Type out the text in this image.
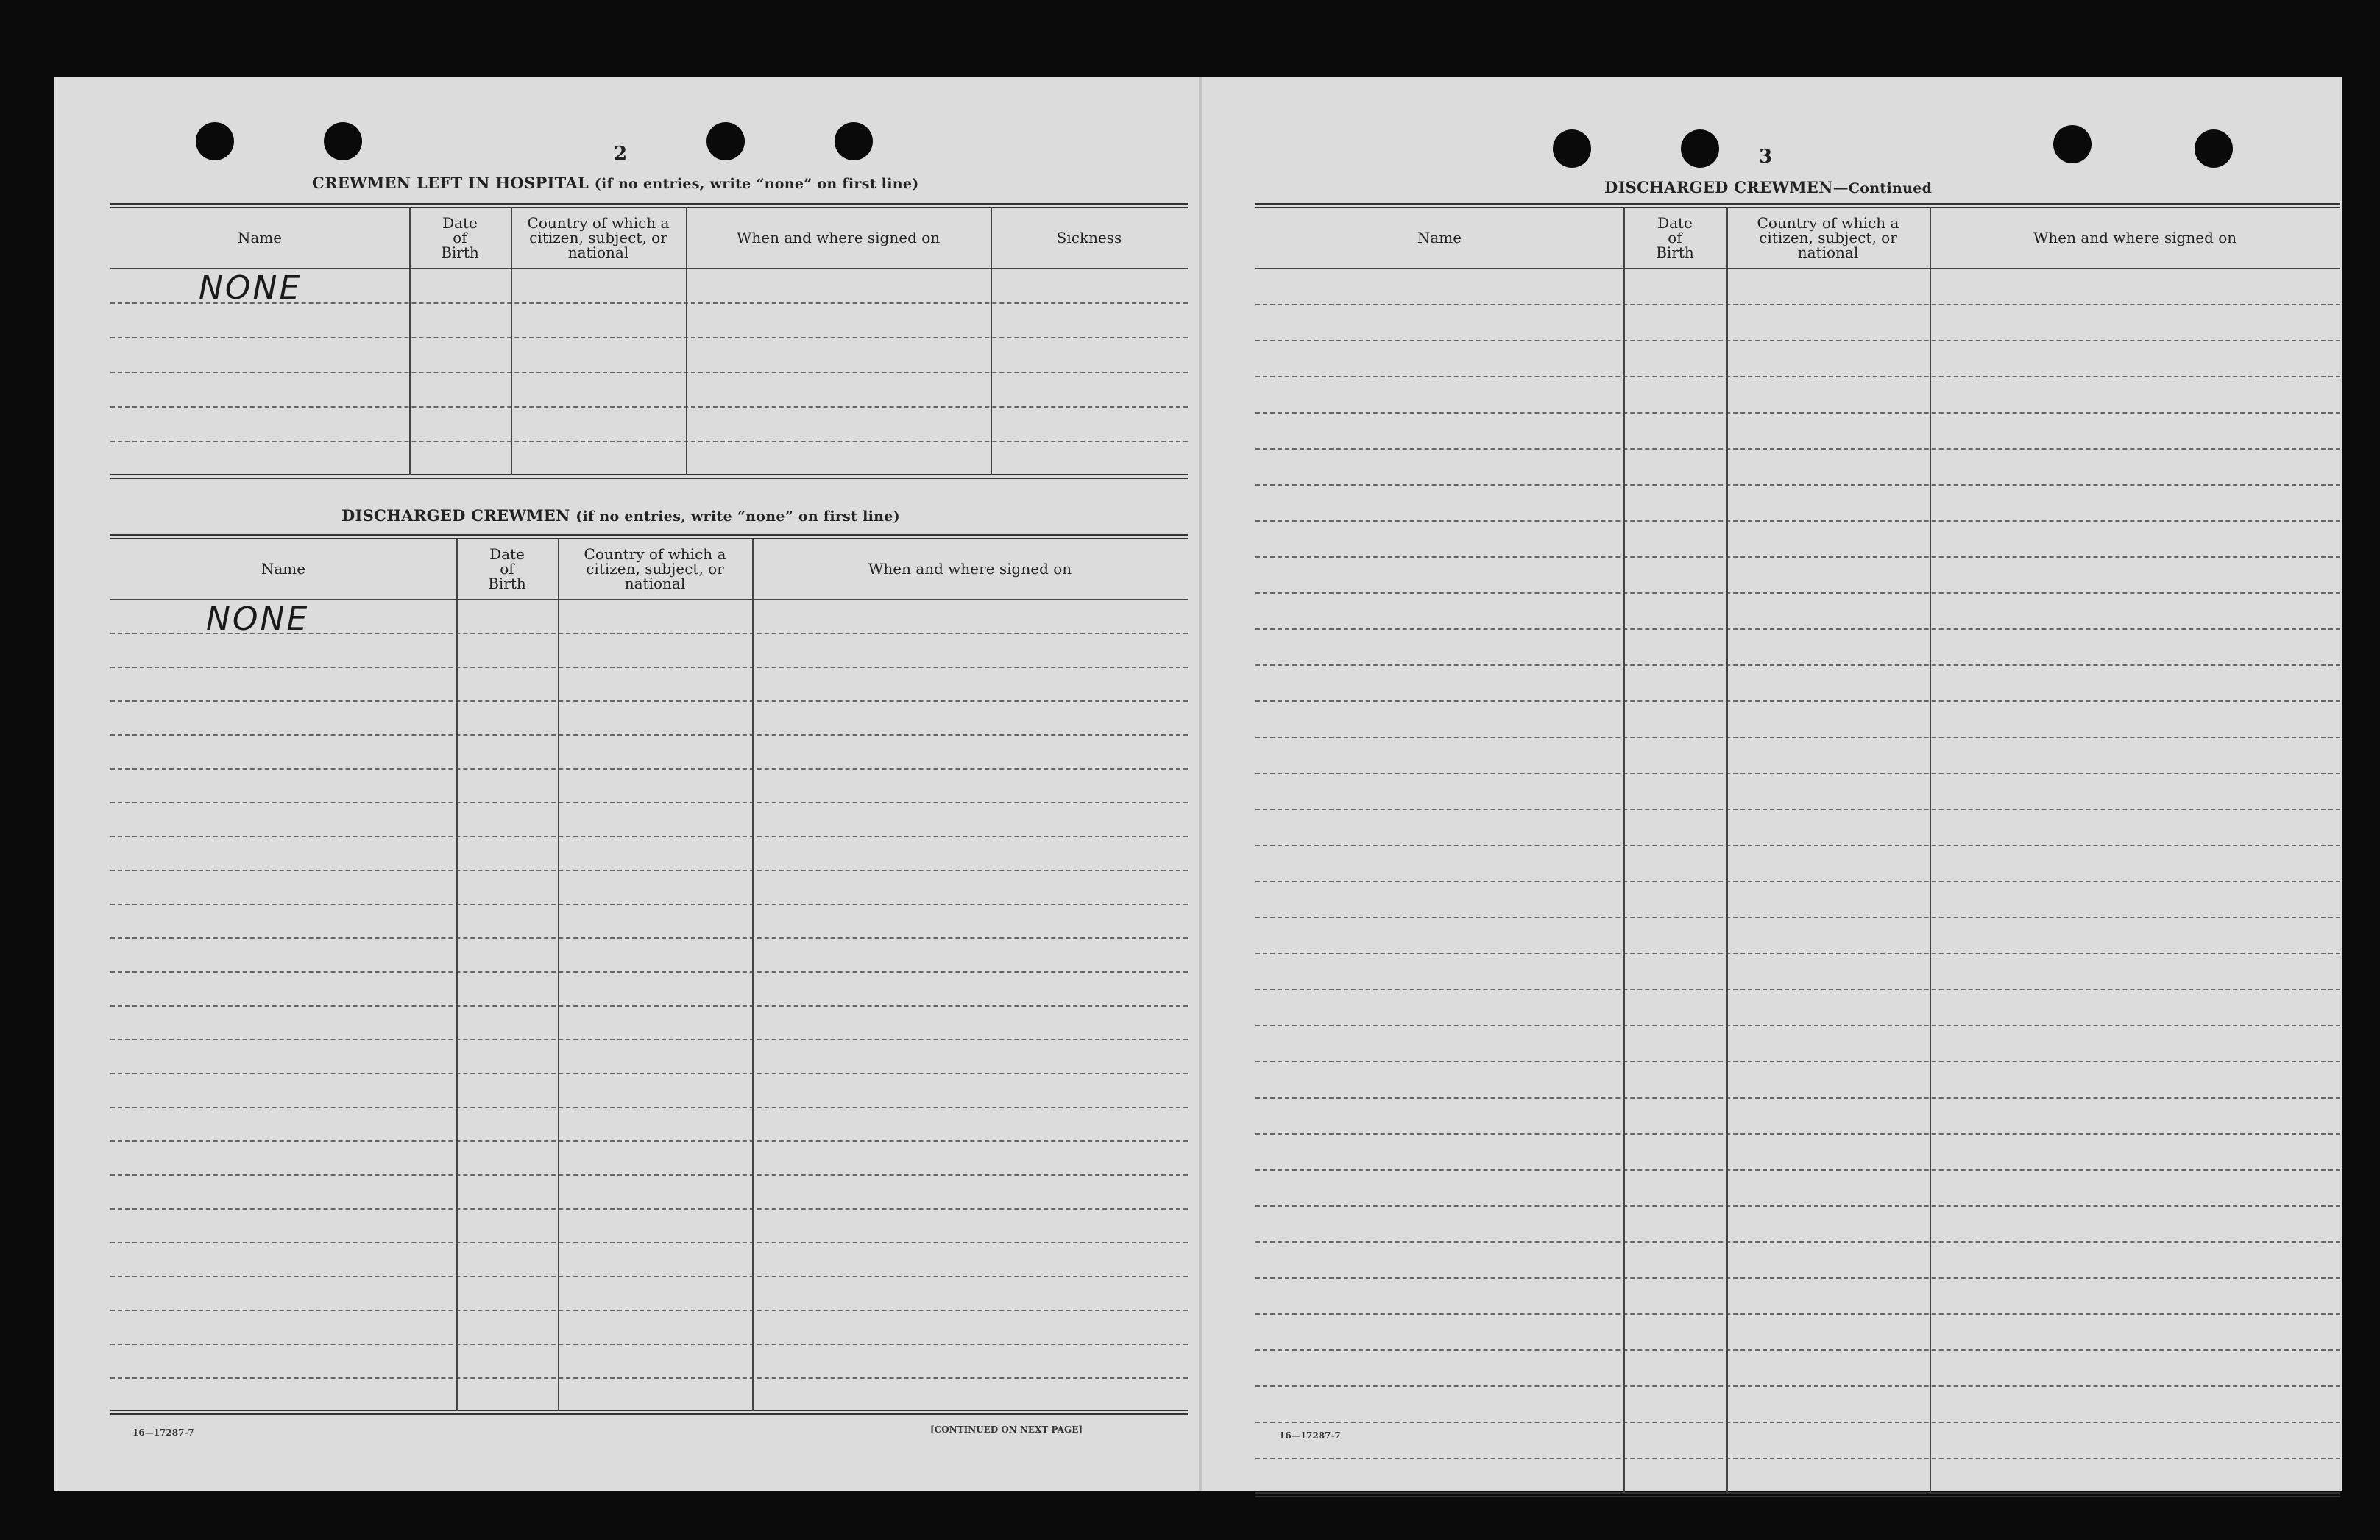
2
CREWMEN LEFT IN HOSPITAL (if no entries, write “none” on first line)
Name
Date
of
Birth
Country of which a citizen, subject, or national
When and where signed on	Sickness
NONE
DISCHARGED CREWMEN (if no entries, write “none” on first line)
Name
Date
of
Birth
Country of which a citizen, subject, or national
When and where signed on
NONE
16—17287-7	[CONTINUED ON NEXT PAGE]
3
DISCHARGED CREWMEN—Continued
Name
Date
of
Birth
Country of which a citizen, subject, or national
When and where signed on
16—17287-7
